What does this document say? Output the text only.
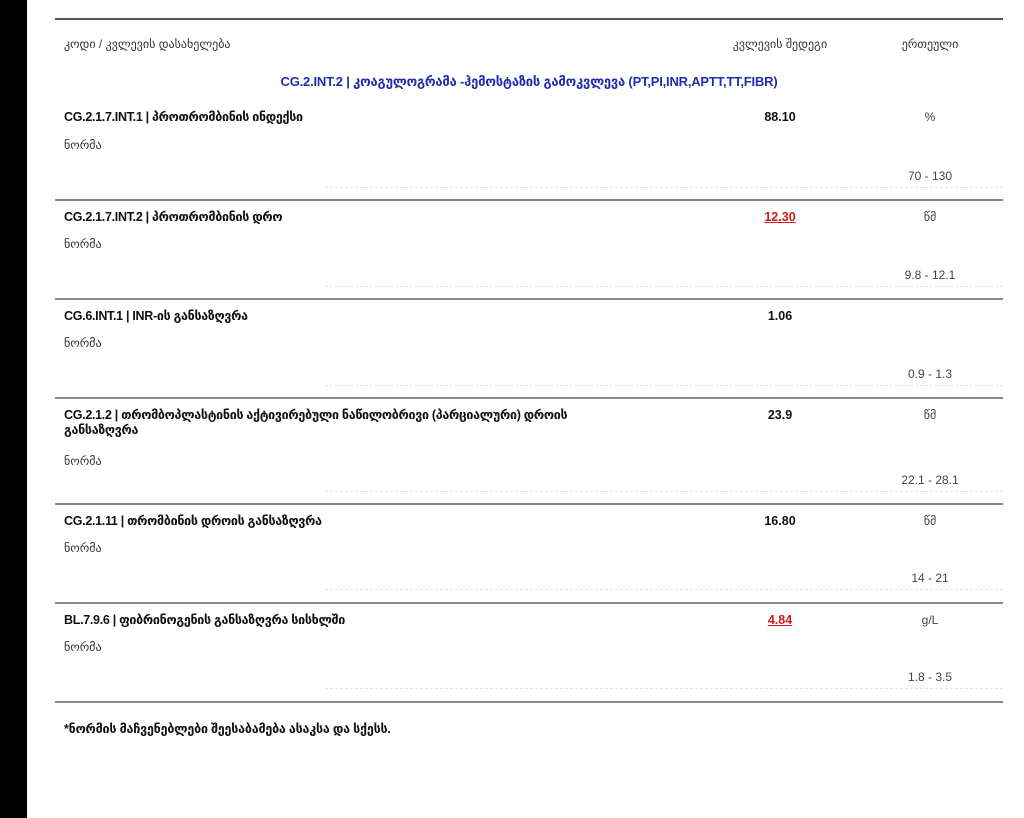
კოდი / კვლევის დასახელება	კვლევის შედეგი	ერთეული
CG.2.INT.2 | კოაგულოგრამა -ჰემოსტაზის გამოკვლევა (PT,PI,INR,APTT,TT,FIBR)
CG.2.1.7.INT.1 | პროთრომბინის ინდექსი
ნორმა
88.10	%
70 - 130
CG.2.1.7.INT.2 | პროთრომბინის დრო
ნორმა
12.30	წმ
9.8 - 12.1
CG.6.INT.1 | INR-ის განსაზღვრა
ნორმა
1.06
0.9 - 1.3
CG.2.1.2 | თრომბოპლასტინის აქტივირებული ნაწილობრივი (პარციალური) დროის განსაზღვრა
ნორმა
23.9	წმ
22.1 - 28.1
CG.2.1.11 | თრომბინის დროის განსაზღვრა
ნორმა
16.80	წმ
14 - 21
BL.7.9.6 | ფიბრინოგენის განსაზღვრა სისხლში
ნორმა
4.84	g/L
1.8 - 3.5
*ნორმის მაჩვენებლები შეესაბამება ასაკსა და სქესს.
